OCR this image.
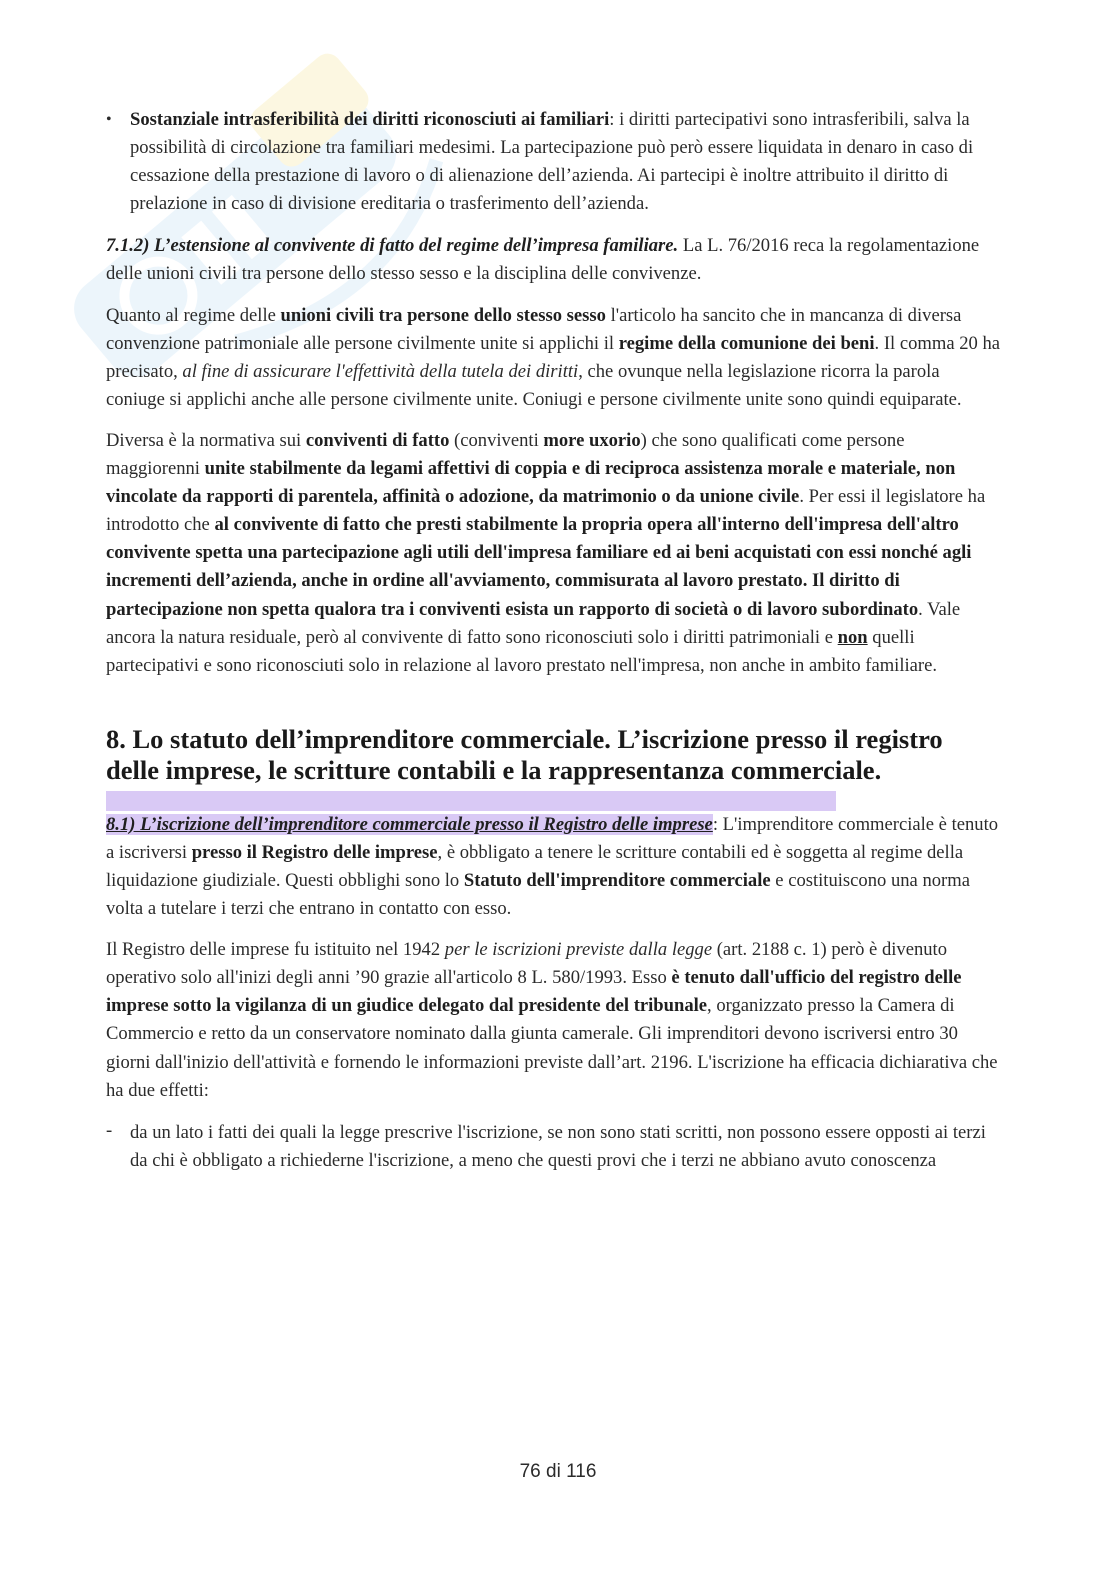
• Sostanziale intrasferibilità dei diritti riconosciuti ai familiari: i diritti partecipativi sono intrasferibili, salva la possibilità di circolazione tra familiari medesimi. La partecipazione può però essere liquidata in denaro in caso di cessazione della prestazione di lavoro o di alienazione dell’azienda. Ai partecipi è inoltre attribuito il diritto di prelazione in caso di divisione ereditaria o trasferimento dell’azienda.

7.1.2) L’estensione al convivente di fatto del regime dell’impresa familiare. La L. 76/2016 reca la regolamentazione delle unioni civili tra persone dello stesso sesso e la disciplina delle convivenze.

Quanto al regime delle unioni civili tra persone dello stesso sesso l'articolo ha sancito che in mancanza di diversa convenzione patrimoniale alle persone civilmente unite si applichi il regime della comunione dei beni. Il comma 20 ha precisato, al fine di assicurare l'effettività della tutela dei diritti, che ovunque nella legislazione ricorra la parola coniuge si applichi anche alle persone civilmente unite. Coniugi e persone civilmente unite sono quindi equiparate.

Diversa è la normativa sui conviventi di fatto (conviventi more uxorio) che sono qualificati come persone maggiorenni unite stabilmente da legami affettivi di coppia e di reciproca assistenza morale e materiale, non vincolate da rapporti di parentela, affinità o adozione, da matrimonio o da unione civile. Per essi il legislatore ha introdotto che al convivente di fatto che presti stabilmente la propria opera all'interno dell'impresa dell'altro convivente spetta una partecipazione agli utili dell'impresa familiare ed ai beni acquistati con essi nonché agli incrementi dell’azienda, anche in ordine all'avviamento, commisurata al lavoro prestato. Il diritto di partecipazione non spetta qualora tra i conviventi esista un rapporto di società o di lavoro subordinato. Vale ancora la natura residuale, però al convivente di fatto sono riconosciuti solo i diritti patrimoniali e non quelli partecipativi e sono riconosciuti solo in relazione al lavoro prestato nell'impresa, non anche in ambito familiare.

8. Lo statuto dell’imprenditore commerciale. L’iscrizione presso il registro delle imprese, le scritture contabili e la rappresentanza commerciale.

8.1) L’iscrizione dell’imprenditore commerciale presso il Registro delle imprese: L'imprenditore commerciale è tenuto a iscriversi presso il Registro delle imprese, è obbligato a tenere le scritture contabili ed è soggetta al regime della liquidazione giudiziale. Questi obblighi sono lo Statuto dell'imprenditore commerciale e costituiscono una norma volta a tutelare i terzi che entrano in contatto con esso.

Il Registro delle imprese fu istituito nel 1942 per le iscrizioni previste dalla legge (art. 2188 c. 1) però è divenuto operativo solo all'inizi degli anni ’90 grazie all'articolo 8 L. 580/1993. Esso è tenuto dall'ufficio del registro delle imprese sotto la vigilanza di un giudice delegato dal presidente del tribunale, organizzato presso la Camera di Commercio e retto da un conservatore nominato dalla giunta camerale. Gli imprenditori devono iscriversi entro 30 giorni dall'inizio dell'attività e fornendo le informazioni previste dall’art. 2196. L'iscrizione ha efficacia dichiarativa che ha due effetti:

- da un lato i fatti dei quali la legge prescrive l'iscrizione, se non sono stati scritti, non possono essere opposti ai terzi da chi è obbligato a richiederne l'iscrizione, a meno che questi provi che i terzi ne abbiano avuto conoscenza

76 di 116
